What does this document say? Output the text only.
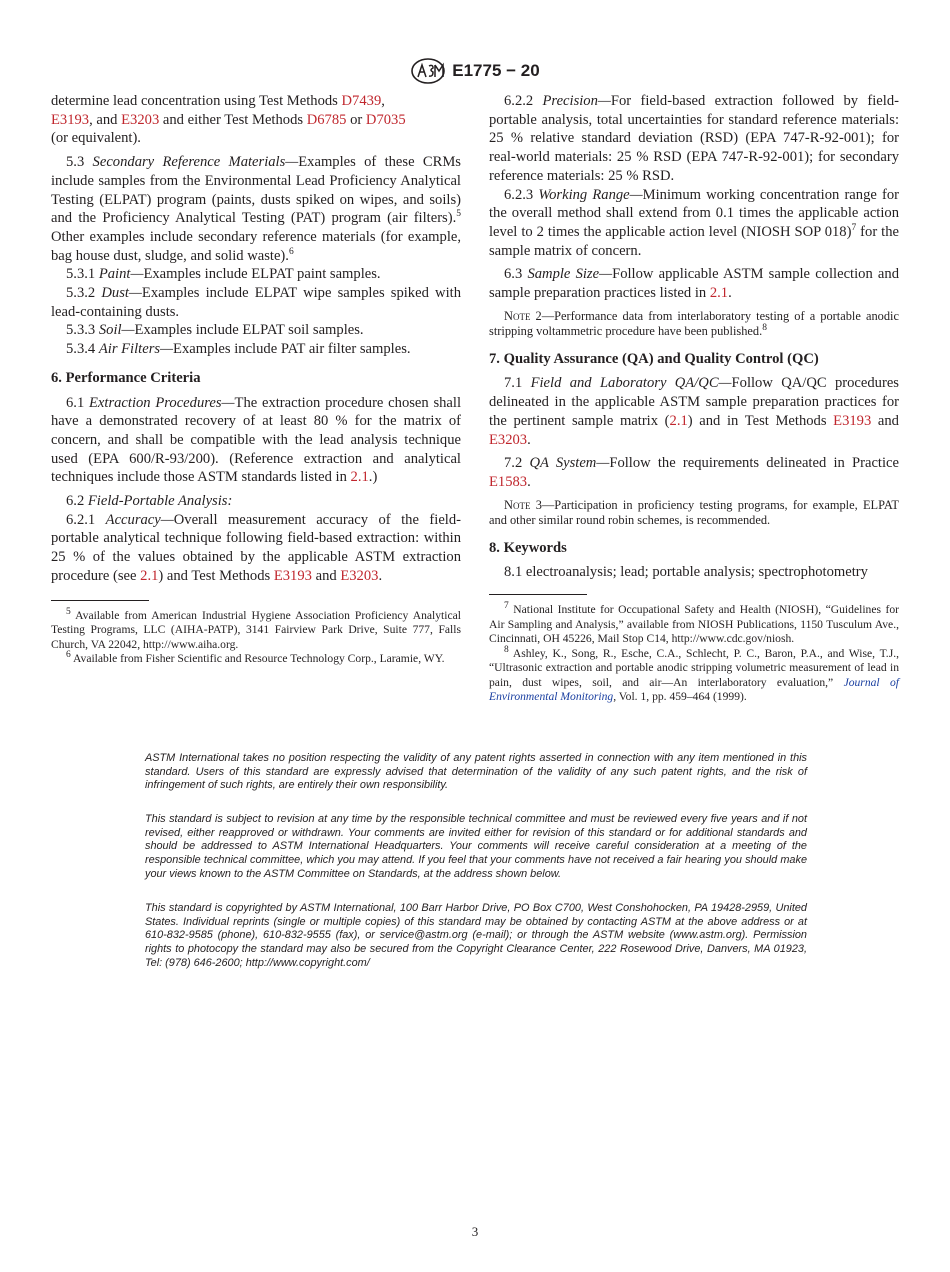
E1775 − 20

determine lead concentration using Test Methods D7439,
E3193, and E3203 and either Test Methods D6785 or D7035
(or equivalent).

5.3 Secondary Reference Materials—Examples of these CRMs include samples from the Environmental Lead Proficiency Analytical Testing (ELPAT) program (paints, dusts spiked on wipes, and soils) and the Proficiency Analytical Testing (PAT) program (air filters).$^5$ Other examples include secondary reference materials (for example, bag house dust, sludge, and solid waste).$^6$

5.3.1 Paint—Examples include ELPAT paint samples.

5.3.2 Dust—Examples include ELPAT wipe samples spiked with lead-containing dusts.

5.3.3 Soil—Examples include ELPAT soil samples.

5.3.4 Air Filters—Examples include PAT air filter samples.

6. Performance Criteria

6.1 Extraction Procedures—The extraction procedure chosen shall have a demonstrated recovery of at least 80 % for the matrix of concern, and shall be compatible with the lead analysis technique used (EPA 600/R-93/200). (Reference extraction and analytical techniques include those ASTM standards listed in 2.1.)

6.2 Field-Portable Analysis:

6.2.1 Accuracy—Overall measurement accuracy of the field-portable analytical technique following field-based extraction: within 25 % of the values obtained by the applicable ASTM extraction procedure (see 2.1) and Test Methods E3193 and E3203.

$^5$ Available from American Industrial Hygiene Association Proficiency Analytical Testing Programs, LLC (AIHA-PATP), 3141 Fairview Park Drive, Suite 777, Falls Church, VA 22042, http://www.aiha.org.

$^6$ Available from Fisher Scientific and Resource Technology Corp., Laramie, WY.

6.2.2 Precision—For field-based extraction followed by field-portable analysis, total uncertainties for standard reference materials: 25 % relative standard deviation (RSD) (EPA 747-R-92-001); for real-world materials: 25 % RSD (EPA 747-R-92-001); for secondary reference materials: 25 % RSD.

6.2.3 Working Range—Minimum working concentration range for the overall method shall extend from 0.1 times the applicable action level to 2 times the applicable action level (NIOSH SOP 018)$^7$ for the sample matrix of concern.

6.3 Sample Size—Follow applicable ASTM sample collection and sample preparation practices listed in 2.1.

Note 2—Performance data from interlaboratory testing of a portable anodic stripping voltammetric procedure have been published.$^8$

7. Quality Assurance (QA) and Quality Control (QC)

7.1 Field and Laboratory QA/QC—Follow QA/QC procedures delineated in the applicable ASTM sample preparation practices for the pertinent sample matrix (2.1) and in Test Methods E3193 and E3203.

7.2 QA System—Follow the requirements delineated in Practice E1583.

Note 3—Participation in proficiency testing programs, for example, ELPAT and other similar round robin schemes, is recommended.

8. Keywords

8.1 electroanalysis; lead; portable analysis; spectrophotometry

$^7$ National Institute for Occupational Safety and Health (NIOSH), “Guidelines for Air Sampling and Analysis,” available from NIOSH Publications, 1150 Tusculum Ave., Cincinnati, OH 45226, Mail Stop C14, http://www.cdc.gov/niosh.

$^8$ Ashley, K., Song, R., Esche, C.A., Schlecht, P. C., Baron, P.A., and Wise, T.J., “Ultrasonic extraction and portable anodic stripping volumetric measurement of lead in pain, dust wipes, soil, and air—An interlaboratory evaluation,” Journal of Environmental Monitoring, Vol. 1, pp. 459–464 (1999).

ASTM International takes no position respecting the validity of any patent rights asserted in connection with any item mentioned in this standard. Users of this standard are expressly advised that determination of the validity of any such patent rights, and the risk of infringement of such rights, are entirely their own responsibility.

This standard is subject to revision at any time by the responsible technical committee and must be reviewed every five years and if not revised, either reapproved or withdrawn. Your comments are invited either for revision of this standard or for additional standards and should be addressed to ASTM International Headquarters. Your comments will receive careful consideration at a meeting of the responsible technical committee, which you may attend. If you feel that your comments have not received a fair hearing you should make your views known to the ASTM Committee on Standards, at the address shown below.

This standard is copyrighted by ASTM International, 100 Barr Harbor Drive, PO Box C700, West Conshohocken, PA 19428-2959, United States. Individual reprints (single or multiple copies) of this standard may be obtained by contacting ASTM at the above address or at 610-832-9585 (phone), 610-832-9555 (fax), or service@astm.org (e-mail); or through the ASTM website (www.astm.org). Permission rights to photocopy the standard may also be secured from the Copyright Clearance Center, 222 Rosewood Drive, Danvers, MA 01923, Tel: (978) 646-2600; http://www.copyright.com/

3
